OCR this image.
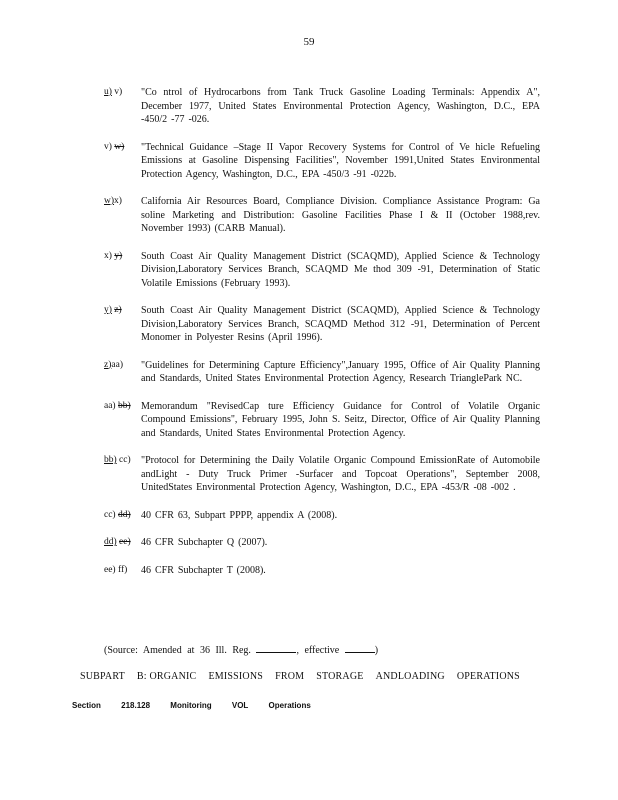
59
u) v)	"Co ntrol of Hydrocarbons from Tank Truck Gasoline Loading Terminals: Appendix A", December 1977, United States Environmental Protection Agency, Washington, D.C., EPA -450/2 -77 -026.
v) w)	"Technical Guidance –Stage II Vapor Recovery Systems for Control of Ve hicle Refueling Emissions at Gasoline Dispensing Facilities", November 1991,United States Environmental Protection Agency, Washington, D.C., EPA -450/3 -91 -022b.
w)x)	California Air Resources Board, Compliance Division. Compliance Assistance Program: Ga soline Marketing and Distribution: Gasoline Facilities Phase I & II (October 1988,rev. November 1993) (CARB Manual).
x) y)	South Coast Air Quality Management District (SCAQMD), Applied Science & Technology Division,Laboratory Services Branch, SCAQMD Me thod 309 -91, Determination of Static Volatile Emissions (February 1993).
y) z)	South Coast Air Quality Management District (SCAQMD), Applied Science & Technology Division,Laboratory Services Branch, SCAQMD Method 312 -91, Determination of Percent Monomer in Polyester Resins (April 1996).
z)aa)	"Guidelines for Determining Capture Efficiency",January 1995, Office of Air Quality Planning and Standards, United States Environmental Protection Agency, Research TrianglePark NC.
aa) bb)	Memorandum "RevisedCap ture Efficiency Guidance for Control of Volatile Organic Compound Emissions", February 1995, John S. Seitz, Director, Office of Air Quality Planning and Standards, United States Environmental Protection Agency.
bb) cc)	"Protocol for Determining the Daily Volatile Organic Compound EmissionRate of Automobile andLight - Duty Truck Primer -Surfacer and Topcoat Operations", September 2008, UnitedStates Environmental Protection Agency, Washington, D.C., EPA -453/R -08 -002 .
cc) dd)	40 CFR 63, Subpart PPPP, appendix A (2008).
dd) ee)	46 CFR Subchapter Q (2007).
ee) ff)	46 CFR Subchapter T (2008).
(Source: Amended at 36 Ill. Reg.	, effective	)
SUBPART B: ORGANIC EMISSIONS FROM STORAGE ANDLOADING OPERATIONS
Section	218.128	Monitoring	VOL	Operations
